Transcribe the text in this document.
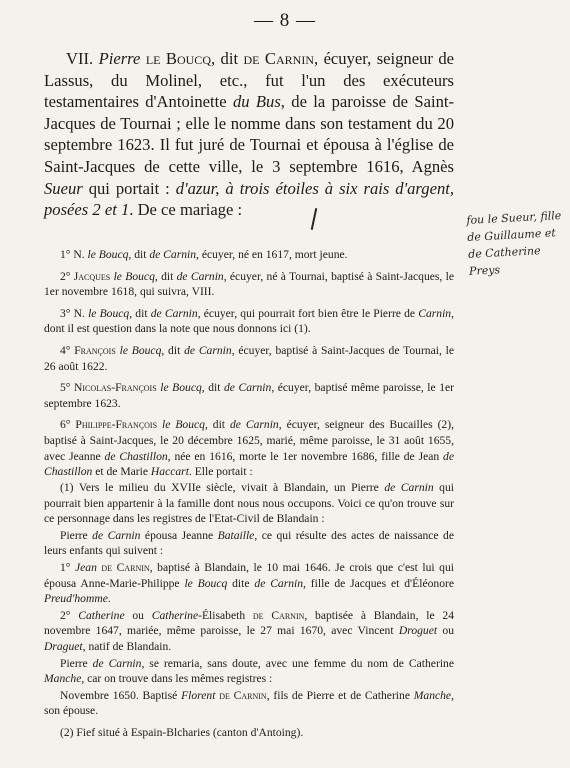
— 8 —

VII. Pierre le Boucq, dit de Carnin, écuyer, seigneur de Lassus, du Molinel, etc., fut l'un des exécuteurs testamentaires d'Antoinette du Bus, de la paroisse de Saint-Jacques de Tournai ; elle le nomme dans son testament du 20 septembre 1623. Il fut juré de Tournai et épousa à l'église de Saint-Jacques de cette ville, le 3 septembre 1616, Agnès Sueur qui portait : d'azur, à trois étoiles à six rais d'argent, posées 2 et 1. De ce mariage :	fou le Sueur, fille de Guillaume et de Catherine Preys

1° N. le Boucq, dit de Carnin, écuyer, né en 1617, mort jeune.

2° Jacques le Boucq, dit de Carnin, écuyer, né à Tournai, baptisé à Saint-Jacques, le 1er novembre 1618, qui suivra, VIII.

3° N. le Boucq, dit de Carnin, écuyer, qui pourrait fort bien être le Pierre de Carnin, dont il est question dans la note que nous donnons ici (1).

4° François le Boucq, dit de Carnin, écuyer, baptisé à Saint-Jacques de Tournai, le 26 août 1622.

5° Nicolas-François le Boucq, dit de Carnin, écuyer, baptisé même paroisse, le 1er septembre 1623.

6° Philippe-François le Boucq, dit de Carnin, écuyer, seigneur des Bucailles (2), baptisé à Saint-Jacques, le 20 décembre 1625, marié, même paroisse, le 31 août 1655, avec Jeanne de Chastillon, née en 1616, morte le 1er novembre 1686, fille de Jean de Chastillon et de Marie Haccart. Elle portait :

(1) Vers le milieu du XVIIe siècle, vivait à Blandain, un Pierre de Carnin qui pourrait bien appartenir à la famille dont nous nous occupons. Voici ce qu'on trouve sur ce personnage dans les registres de l'Etat-Civil de Blandain :

Pierre de Carnin épousa Jeanne Bataille, ce qui résulte des actes de naissance de leurs enfants qui suivent :

1° Jean de Carnin, baptisé à Blandain, le 10 mai 1646. Je crois que c'est lui qui épousa Anne-Marie-Philippe le Boucq dite de Carnin, fille de Jacques et d'Éléonore Preud'homme.

2° Catherine ou Catherine-Élisabeth de Carnin, baptisée à Blandain, le 24 novembre 1647, mariée, même paroisse, le 27 mai 1670, avec Vincent Droguet ou Draguet, natif de Blandain.

Pierre de Carnin, se remaria, sans doute, avec une femme du nom de Catherine Manche, car on trouve dans les mêmes registres :

Novembre 1650. Baptisé Florent de Carnin, fils de Pierre et de Catherine Manche, son épouse.

(2) Fief situé à Espain-Blcharies (canton d'Antoing).
